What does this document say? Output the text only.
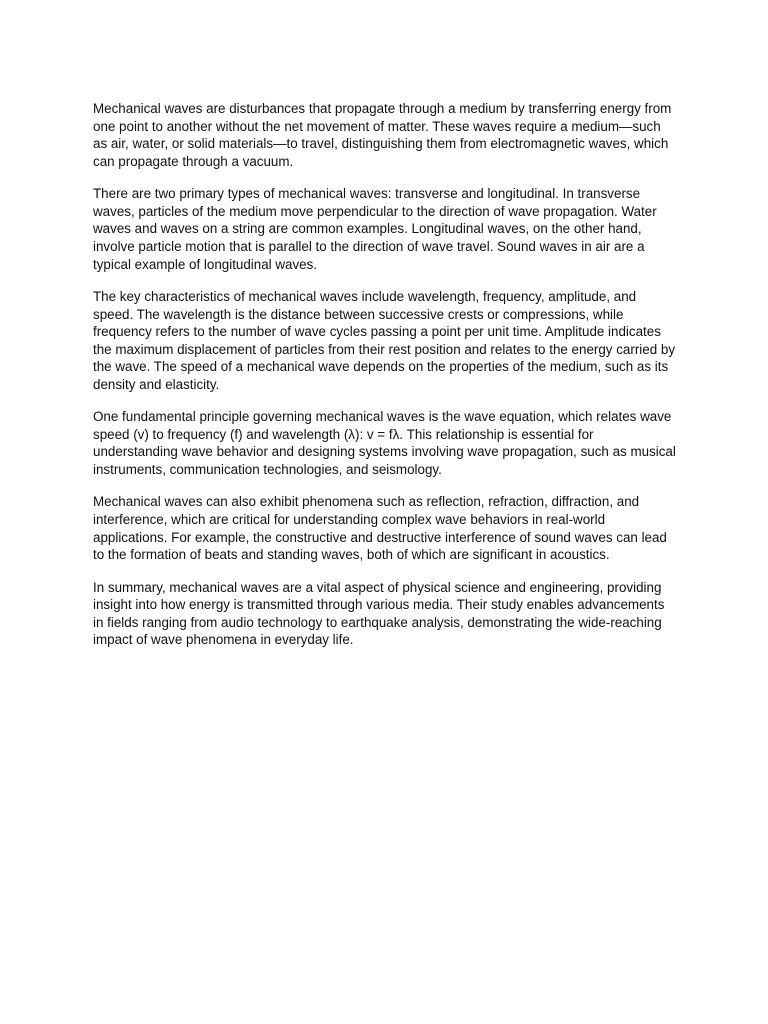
Mechanical waves are disturbances that propagate through a medium by transferring energy from one point to another without the net movement of matter. These waves require a medium—such as air, water, or solid materials—to travel, distinguishing them from electromagnetic waves, which can propagate through a vacuum.

There are two primary types of mechanical waves: transverse and longitudinal. In transverse waves, particles of the medium move perpendicular to the direction of wave propagation. Water waves and waves on a string are common examples. Longitudinal waves, on the other hand, involve particle motion that is parallel to the direction of wave travel. Sound waves in air are a typical example of longitudinal waves.

The key characteristics of mechanical waves include wavelength, frequency, amplitude, and speed. The wavelength is the distance between successive crests or compressions, while frequency refers to the number of wave cycles passing a point per unit time. Amplitude indicates the maximum displacement of particles from their rest position and relates to the energy carried by the wave. The speed of a mechanical wave depends on the properties of the medium, such as its density and elasticity.

One fundamental principle governing mechanical waves is the wave equation, which relates wave speed (v) to frequency (f) and wavelength (λ): v = fλ. This relationship is essential for understanding wave behavior and designing systems involving wave propagation, such as musical instruments, communication technologies, and seismology.

Mechanical waves can also exhibit phenomena such as reflection, refraction, diffraction, and interference, which are critical for understanding complex wave behaviors in real-world applications. For example, the constructive and destructive interference of sound waves can lead to the formation of beats and standing waves, both of which are significant in acoustics.

In summary, mechanical waves are a vital aspect of physical science and engineering, providing insight into how energy is transmitted through various media. Their study enables advancements in fields ranging from audio technology to earthquake analysis, demonstrating the wide-reaching impact of wave phenomena in everyday life.
